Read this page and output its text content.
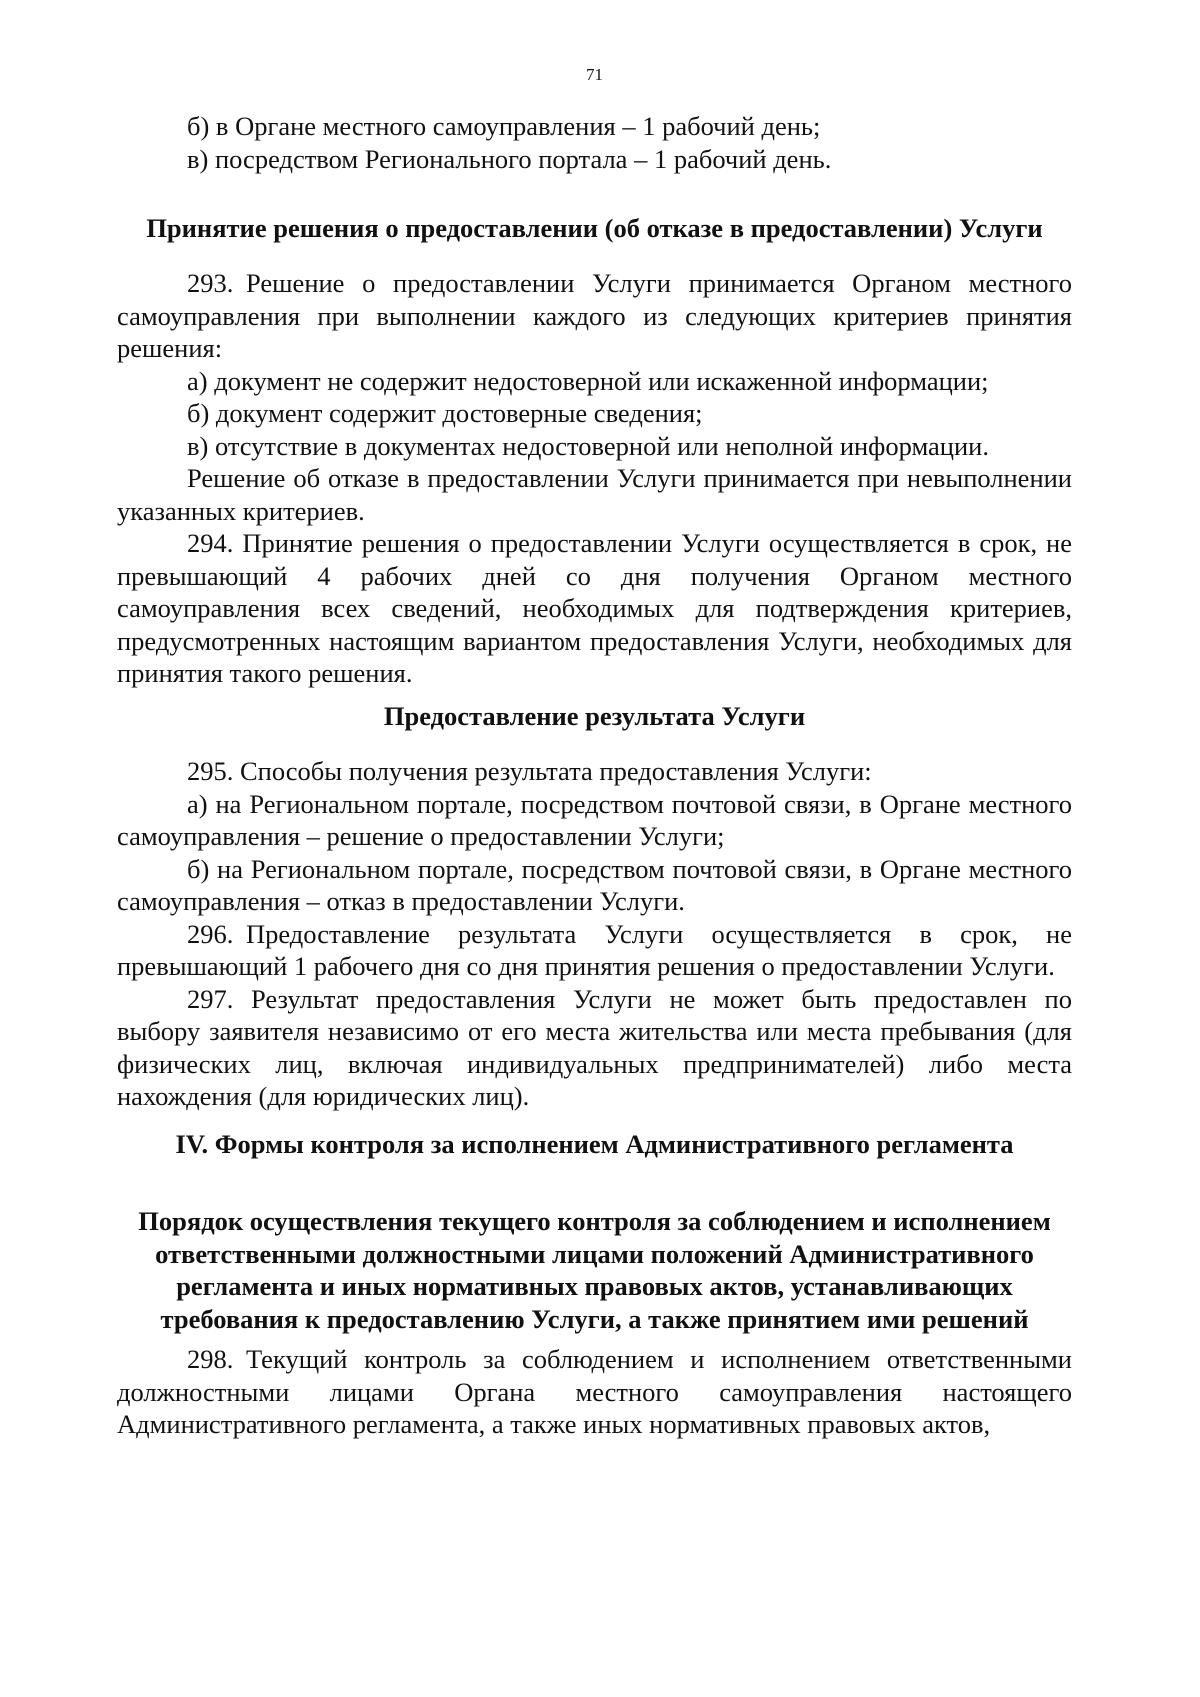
71

б) в Органе местного самоуправления – 1 рабочий день;

в) посредством Регионального портала – 1 рабочий день.

Принятие решения о предоставлении (об отказе в предоставлении) Услуги

293. Решение о предоставлении Услуги принимается Органом местного самоуправления при выполнении каждого из следующих критериев принятия решения:

а) документ не содержит недостоверной или искаженной информации;

б) документ содержит достоверные сведения;

в) отсутствие в документах недостоверной или неполной информации.

Решение об отказе в предоставлении Услуги принимается при невыполнении указанных критериев.

294. Принятие решения о предоставлении Услуги осуществляется в срок, не превышающий 4 рабочих дней со дня получения Органом местного самоуправления всех сведений, необходимых для подтверждения критериев, предусмотренных настоящим вариантом предоставления Услуги, необходимых для принятия такого решения.

Предоставление результата Услуги

295. Способы получения результата предоставления Услуги:

а) на Региональном портале, посредством почтовой связи, в Органе местного самоуправления – решение о предоставлении Услуги;

б) на Региональном портале, посредством почтовой связи, в Органе местного самоуправления – отказ в предоставлении Услуги.

296. Предоставление результата Услуги осуществляется в срок, не превышающий 1 рабочего дня со дня принятия решения о предоставлении Услуги.

297. Результат предоставления Услуги не может быть предоставлен по выбору заявителя независимо от его места жительства или места пребывания (для физических лиц, включая индивидуальных предпринимателей) либо места нахождения (для юридических лиц).

IV. Формы контроля за исполнением Административного регламента

Порядок осуществления текущего контроля за соблюдением и исполнением

ответственными должностными лицами положений Административного

регламента и иных нормативных правовых актов, устанавливающих

требования к предоставлению Услуги, а также принятием ими решений

298. Текущий контроль за соблюдением и исполнением ответственными должностными лицами Органа местного самоуправления настоящего Административного регламента, а также иных нормативных правовых актов,
